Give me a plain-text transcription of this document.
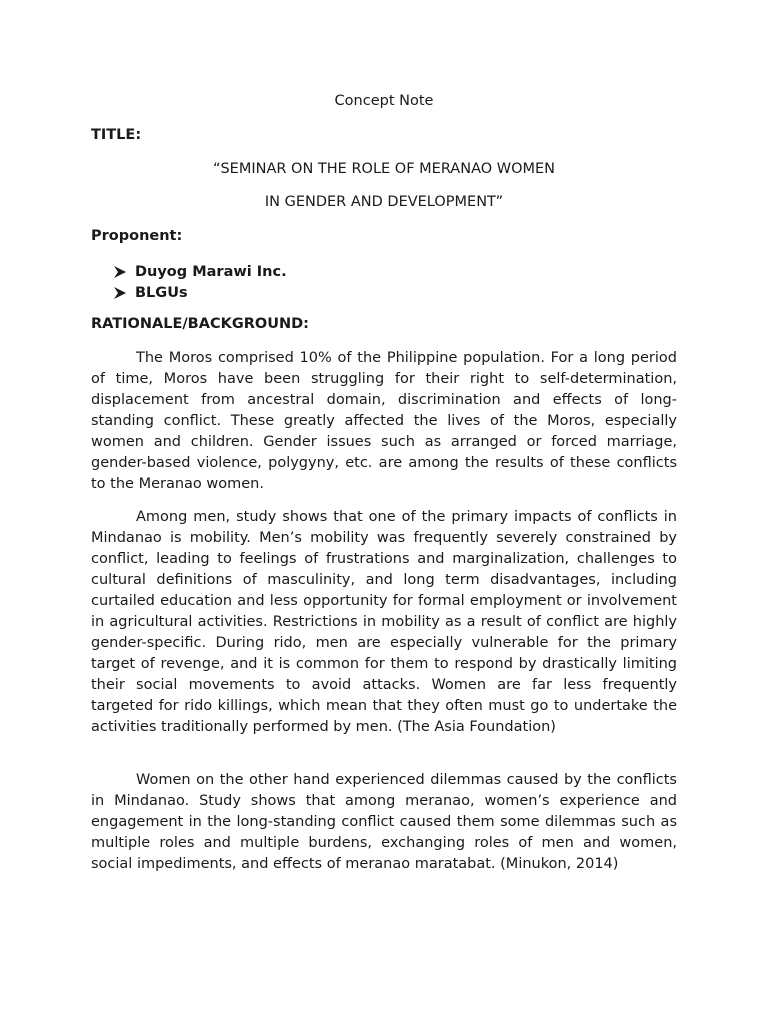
Concept Note
TITLE:
“SEMINAR ON THE ROLE OF MERANAO WOMEN
IN GENDER AND DEVELOPMENT”
Proponent:
Duyog Marawi Inc.
BLGUs
RATIONALE/BACKGROUND:

The Moros comprised 10% of the Philippine population. For a long period of time, Moros have been struggling for their right to self-determination, displacement from ancestral domain, discrimination and effects of long-standing conflict. These greatly affected the lives of the Moros, especially women and children. Gender issues such as arranged or forced marriage, gender-based violence, polygyny, etc. are among the results of these conflicts to the Meranao women.

Among men, study shows that one of the primary impacts of conflicts in Mindanao is mobility. Men’s mobility was frequently severely constrained by conflict, leading to feelings of frustrations and marginalization, challenges to cultural definitions of masculinity, and long term disadvantages, including curtailed education and less opportunity for formal employment or involvement in agricultural activities. Restrictions in mobility as a result of conflict are highly gender-specific. During rido, men are especially vulnerable for the primary target of revenge, and it is common for them to respond by drastically limiting their social movements to avoid attacks. Women are far less frequently targeted for rido killings, which mean that they often must go to undertake the activities traditionally performed by men. (The Asia Foundation)

Women on the other hand experienced dilemmas caused by the conflicts in Mindanao. Study shows that among meranao, women’s experience and engagement in the long-standing conflict caused them some dilemmas such as multiple roles and multiple burdens, exchanging roles of men and women, social impediments, and effects of meranao maratabat. (Minukon, 2014)
